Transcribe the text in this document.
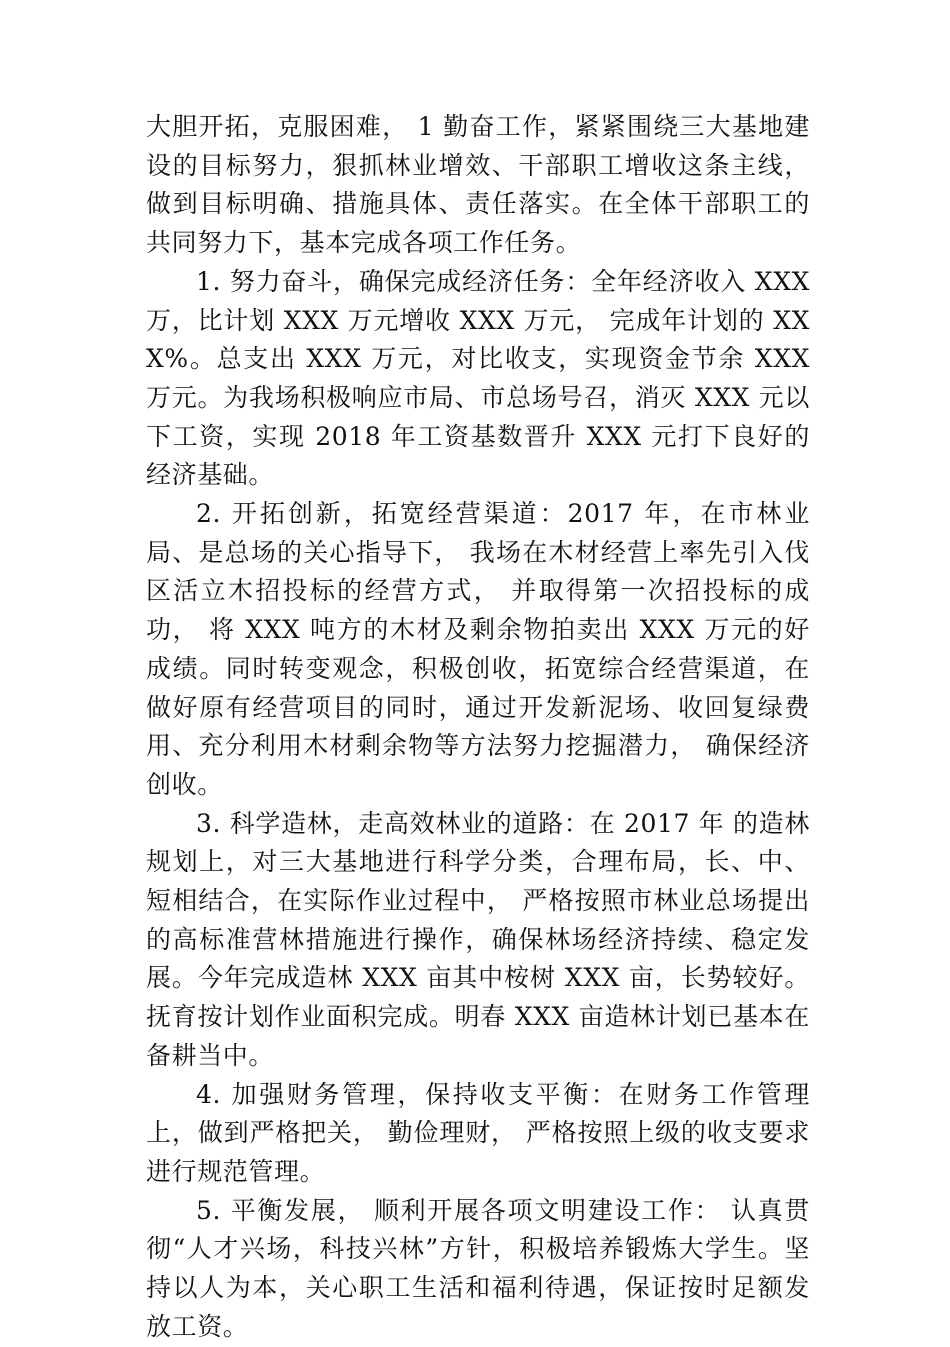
大胆开拓，克服困难， 1 勤奋工作，紧紧围绕三大基地建设的目标努力，狠抓林业增效、干部职工增收这条主线，做到目标明确、措施具体、责任落实。在全体干部职工的共同努力下，基本完成各项工作任务。

1. 努力奋斗，确保完成经济任务：全年经济收入 XXX 万，比计划 XXX 万元增收 XXX 万元， 完成年计划的 XXX%。总支出 XXX 万元，对比收支，实现资金节余 XXX 万元。为我场积极响应市局、市总场号召，消灭 XXX 元以下工资，实现 2018 年工资基数晋升 XXX 元打下良好的经济基础。

2. 开拓创新，拓宽经营渠道：2017 年，在市林业局、是总场的关心指导下， 我场在木材经营上率先引入伐区活立木招投标的经营方式， 并取得第一次招投标的成功， 将 XXX 吨方的木材及剩余物拍卖出 XXX 万元的好成绩。同时转变观念，积极创收，拓宽综合经营渠道，在做好原有经营项目的同时，通过开发新泥场、收回复绿费用、充分利用木材剩余物等方法努力挖掘潜力， 确保经济创收。

3. 科学造林，走高效林业的道路：在 2017 年 的造林规划上，对三大基地进行科学分类，合理布局，长、中、短相结合，在实际作业过程中， 严格按照市林业总场提出的高标准营林措施进行操作，确保林场经济持续、稳定发展。今年完成造林 XXX 亩其中桉树 XXX 亩，长势较好。抚育按计划作业面积完成。明春 XXX 亩造林计划已基本在备耕当中。

4. 加强财务管理，保持收支平衡：在财务工作管理上，做到严格把关， 勤俭理财， 严格按照上级的收支要求进行规范管理。

5. 平衡发展， 顺利开展各项文明建设工作： 认真贯彻“人才兴场，科技兴林”方针，积极培养锻炼大学生。坚持以人为本，关心职工生活和福利待遇，保证按时足额发放工资。
